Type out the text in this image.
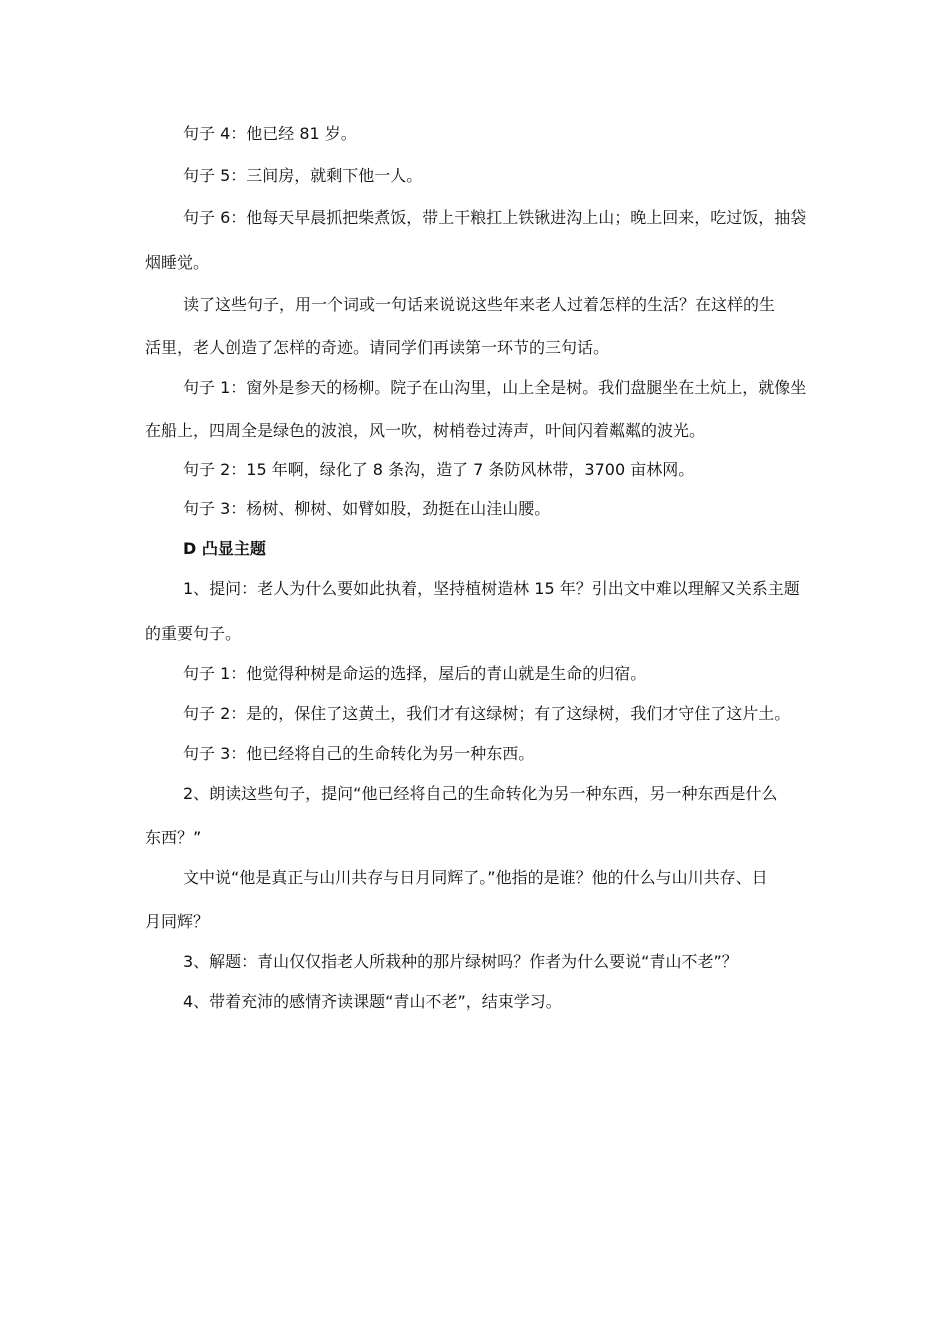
句子 4：他已经 81 岁。

句子 5：三间房，就剩下他一人。

句子 6：他每天早晨抓把柴煮饭，带上干粮扛上铁锹进沟上山；晚上回来，吃过饭，抽袋

烟睡觉。

读了这些句子，用一个词或一句话来说说这些年来老人过着怎样的生活？在这样的生

活里，老人创造了怎样的奇迹。请同学们再读第一环节的三句话。

句子 1：窗外是参天的杨柳。院子在山沟里，山上全是树。我们盘腿坐在土炕上，就像坐

在船上，四周全是绿色的波浪，风一吹，树梢卷过涛声，叶间闪着粼粼的波光。

句子 2：15 年啊，绿化了 8 条沟，造了 7 条防风林带，3700 亩林网。

句子 3：杨树、柳树、如臂如股，劲挺在山洼山腰。

D 凸显主题

1、提问：老人为什么要如此执着，坚持植树造林 15 年？引出文中难以理解又关系主题

的重要句子。

句子 1：他觉得种树是命运的选择，屋后的青山就是生命的归宿。

句子 2：是的，保住了这黄土，我们才有这绿树；有了这绿树，我们才守住了这片土。

句子 3：他已经将自己的生命转化为另一种东西。

2、朗读这些句子，提问“他已经将自己的生命转化为另一种东西，另一种东西是什么

东西？”

文中说“他是真正与山川共存与日月同辉了。”他指的是谁？他的什么与山川共存、日

月同辉？

3、解题：青山仅仅指老人所栽种的那片绿树吗？作者为什么要说“青山不老”？

4、带着充沛的感情齐读课题“青山不老”，结束学习。
